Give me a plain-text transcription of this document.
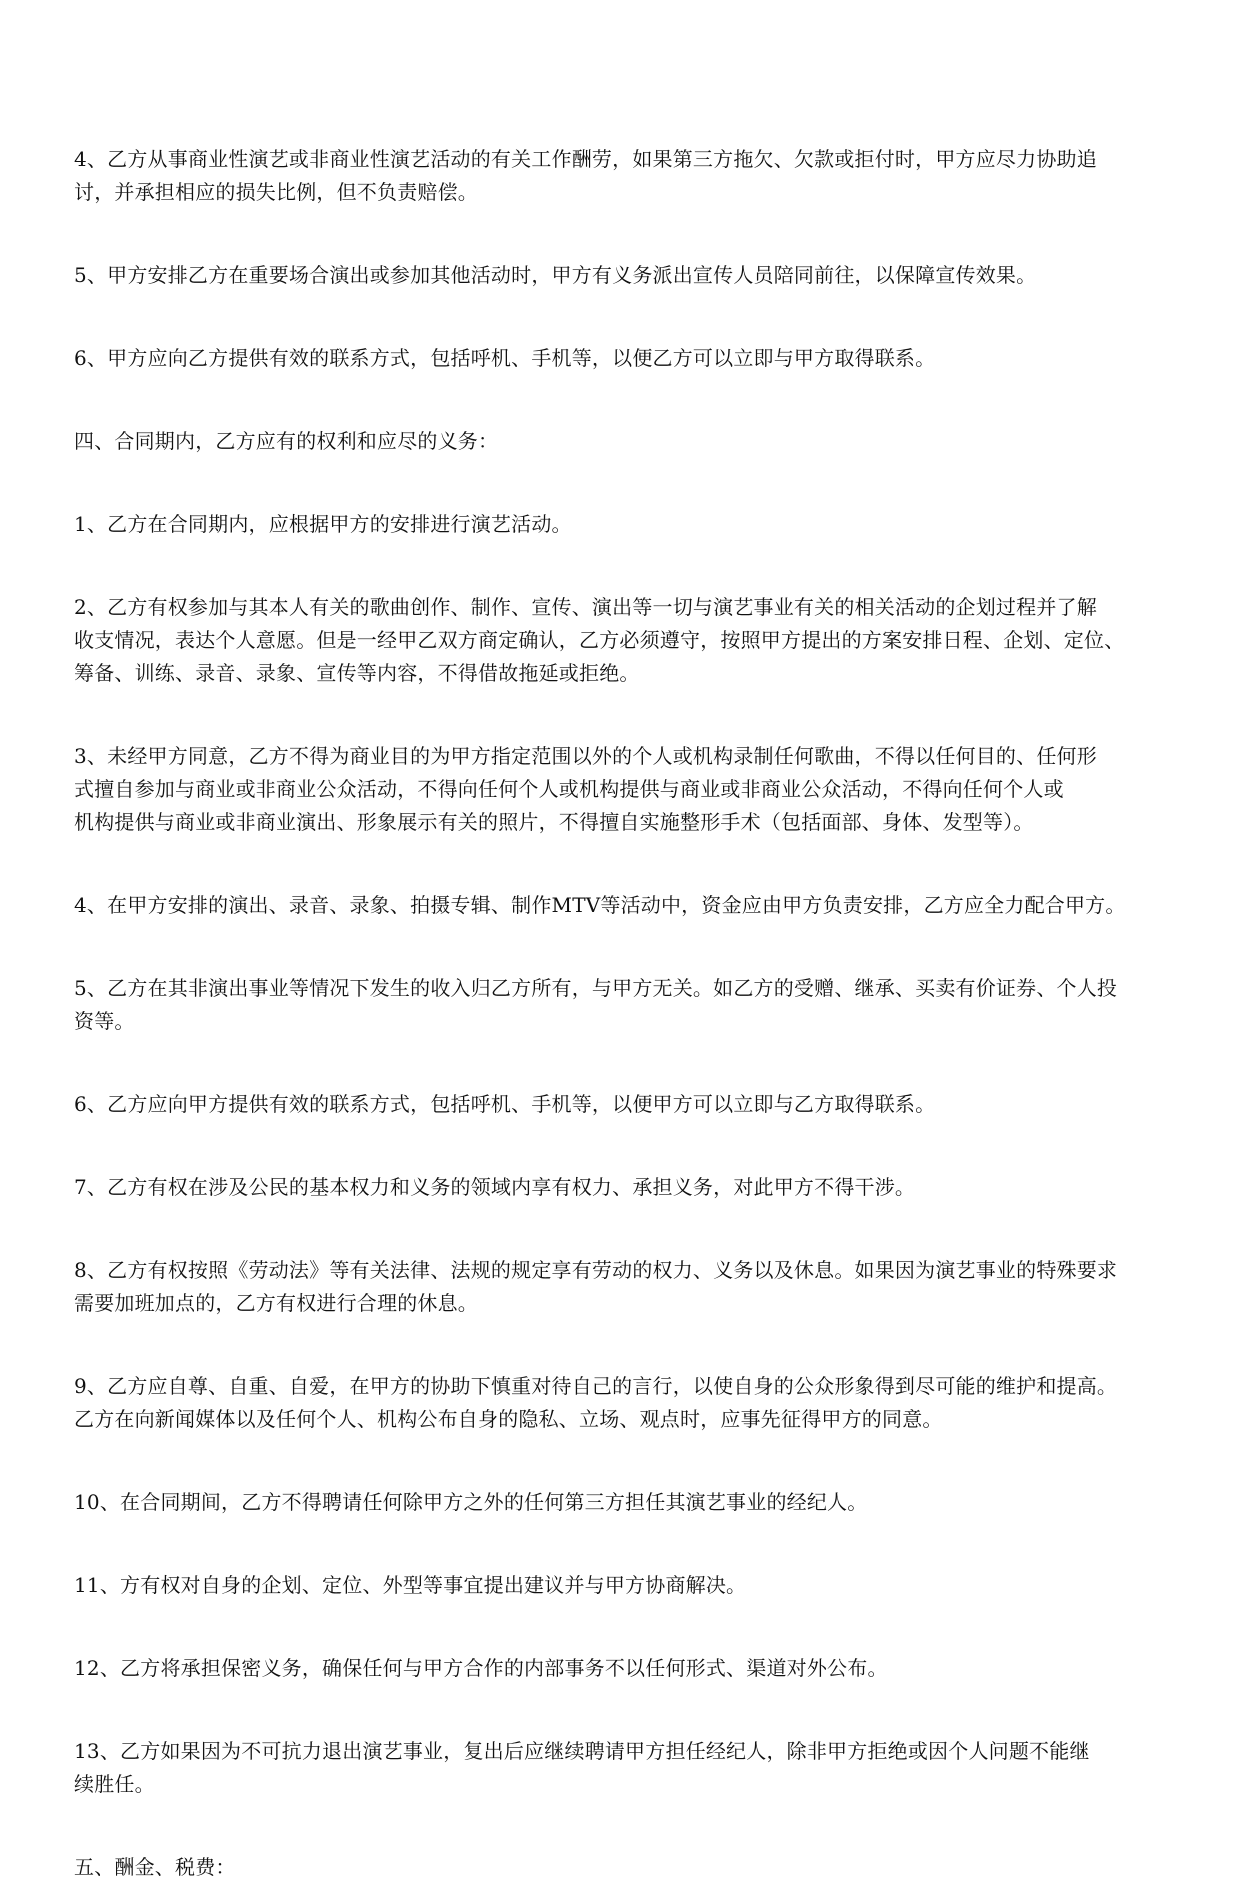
4、乙方从事商业性演艺或非商业性演艺活动的有关工作酬劳，如果第三方拖欠、欠款或拒付时，甲方应尽力协助追
讨，并承担相应的损失比例，但不负责赔偿。

5、甲方安排乙方在重要场合演出或参加其他活动时，甲方有义务派出宣传人员陪同前往，以保障宣传效果。

6、甲方应向乙方提供有效的联系方式，包括呼机、手机等，以便乙方可以立即与甲方取得联系。

四、合同期内，乙方应有的权利和应尽的义务：

1、乙方在合同期内，应根据甲方的安排进行演艺活动。

2、乙方有权参加与其本人有关的歌曲创作、制作、宣传、演出等一切与演艺事业有关的相关活动的企划过程并了解
收支情况，表达个人意愿。但是一经甲乙双方商定确认，乙方必须遵守，按照甲方提出的方案安排日程、企划、定位、
筹备、训练、录音、录象、宣传等内容，不得借故拖延或拒绝。

3、未经甲方同意，乙方不得为商业目的为甲方指定范围以外的个人或机构录制任何歌曲，不得以任何目的、任何形
式擅自参加与商业或非商业公众活动，不得向任何个人或机构提供与商业或非商业公众活动，不得向任何个人或
机构提供与商业或非商业演出、形象展示有关的照片，不得擅自实施整形手术（包括面部、身体、发型等）。

4、在甲方安排的演出、录音、录象、拍摄专辑、制作MTV等活动中，资金应由甲方负责安排，乙方应全力配合甲方。

5、乙方在其非演出事业等情况下发生的收入归乙方所有，与甲方无关。如乙方的受赠、继承、买卖有价证券、个人投
资等。

6、乙方应向甲方提供有效的联系方式，包括呼机、手机等，以便甲方可以立即与乙方取得联系。

7、乙方有权在涉及公民的基本权力和义务的领域内享有权力、承担义务，对此甲方不得干涉。

8、乙方有权按照《劳动法》等有关法律、法规的规定享有劳动的权力、义务以及休息。如果因为演艺事业的特殊要求
需要加班加点的，乙方有权进行合理的休息。

9、乙方应自尊、自重、自爱，在甲方的协助下慎重对待自己的言行，以使自身的公众形象得到尽可能的维护和提高。
乙方在向新闻媒体以及任何个人、机构公布自身的隐私、立场、观点时，应事先征得甲方的同意。

10、在合同期间，乙方不得聘请任何除甲方之外的任何第三方担任其演艺事业的经纪人。

11、方有权对自身的企划、定位、外型等事宜提出建议并与甲方协商解决。

12、乙方将承担保密义务，确保任何与甲方合作的内部事务不以任何形式、渠道对外公布。

13、乙方如果因为不可抗力退出演艺事业，复出后应继续聘请甲方担任经纪人，除非甲方拒绝或因个人问题不能继
续胜任。

五、酬金、税费：
